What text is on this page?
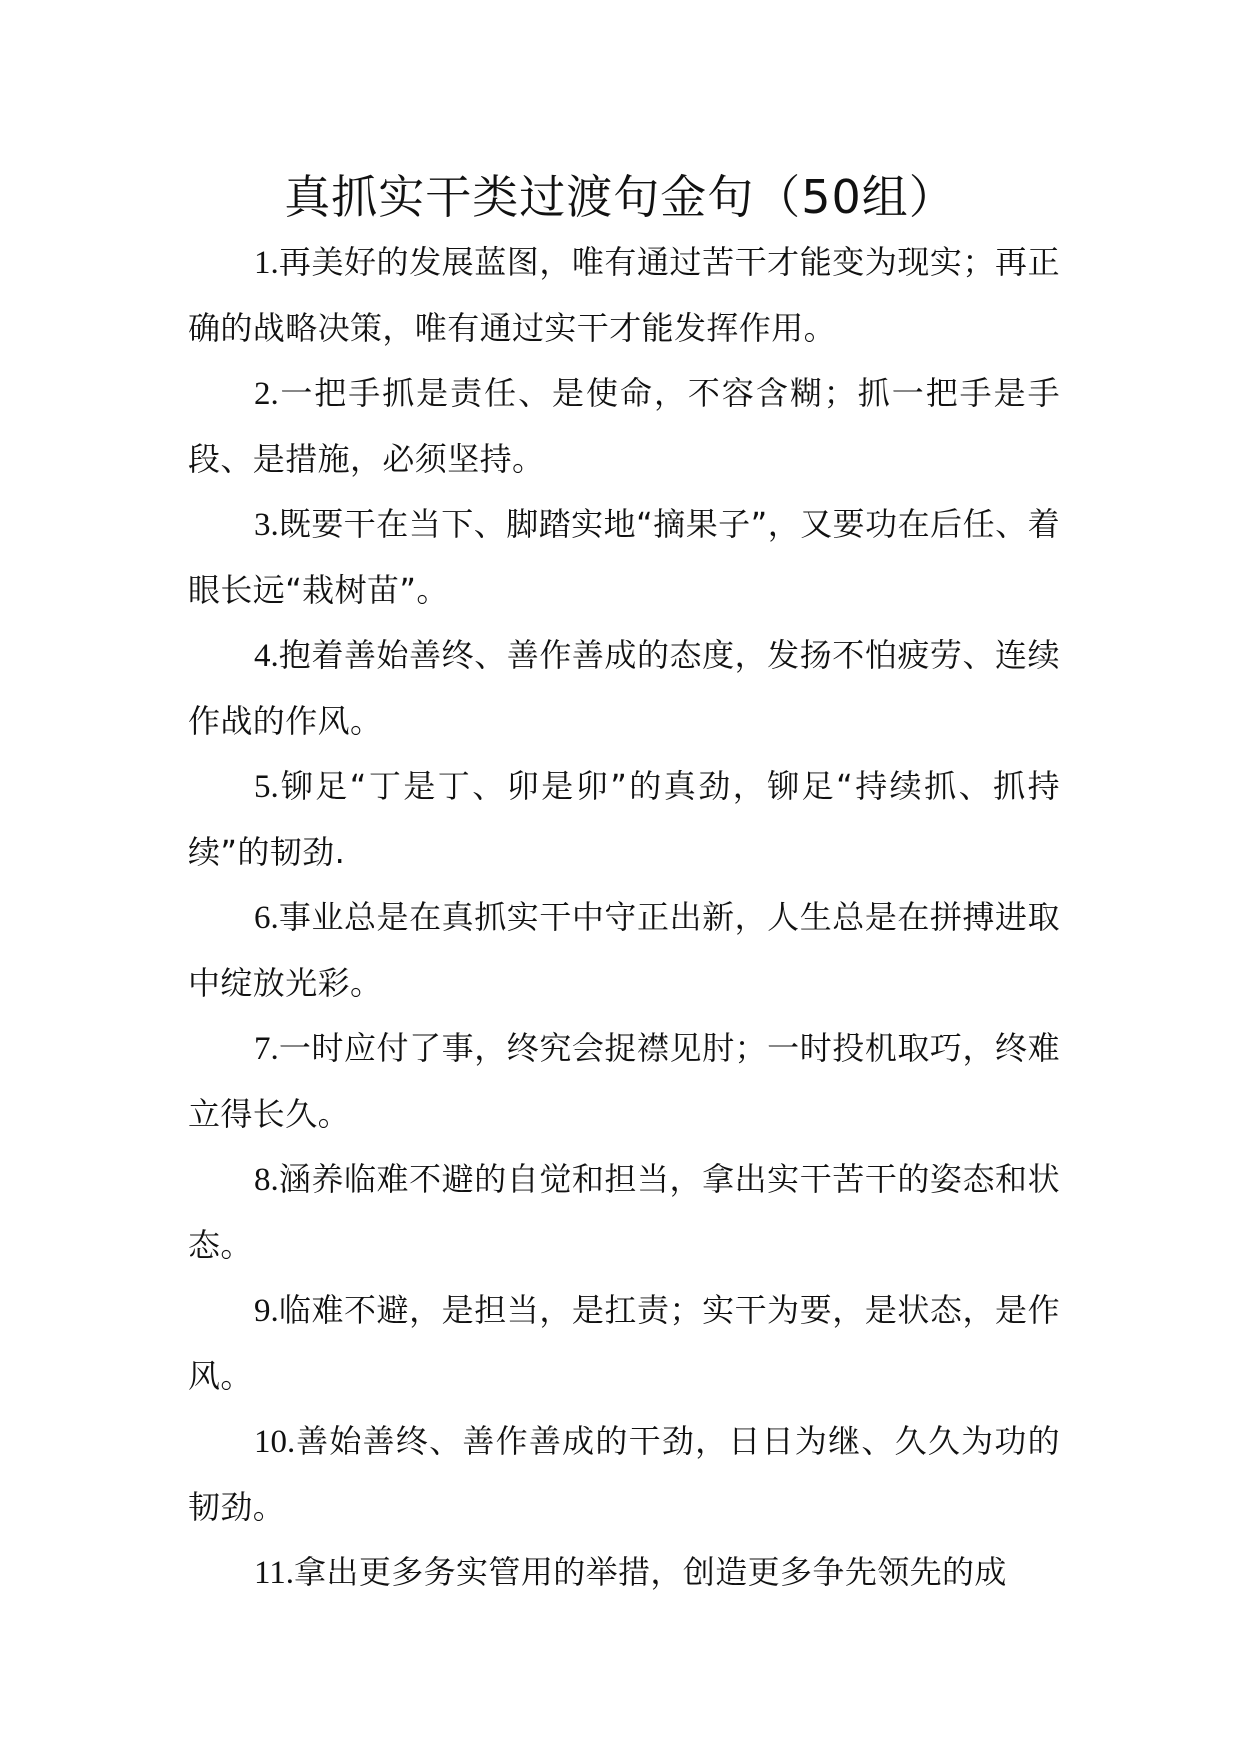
真抓实干类过渡句金句（50组）

1.再美好的发展蓝图，唯有通过苦干才能变为现实；再正确的战略决策，唯有通过实干才能发挥作用。

2.一把手抓是责任、是使命，不容含糊；抓一把手是手段、是措施，必须坚持。

3.既要干在当下、脚踏实地“摘果子”，又要功在后任、着眼长远“栽树苗”。

4.抱着善始善终、善作善成的态度，发扬不怕疲劳、连续作战的作风。

5.铆足“丁是丁、卯是卯”的真劲，铆足“持续抓、抓持续”的韧劲.

6.事业总是在真抓实干中守正出新，人生总是在拼搏进取中绽放光彩。

7.一时应付了事，终究会捉襟见肘；一时投机取巧，终难立得长久。

8.涵养临难不避的自觉和担当，拿出实干苦干的姿态和状态。

9.临难不避，是担当，是扛责；实干为要，是状态，是作风。

10.善始善终、善作善成的干劲，日日为继、久久为功的韧劲。

11.拿出更多务实管用的举措，创造更多争先领先的成
